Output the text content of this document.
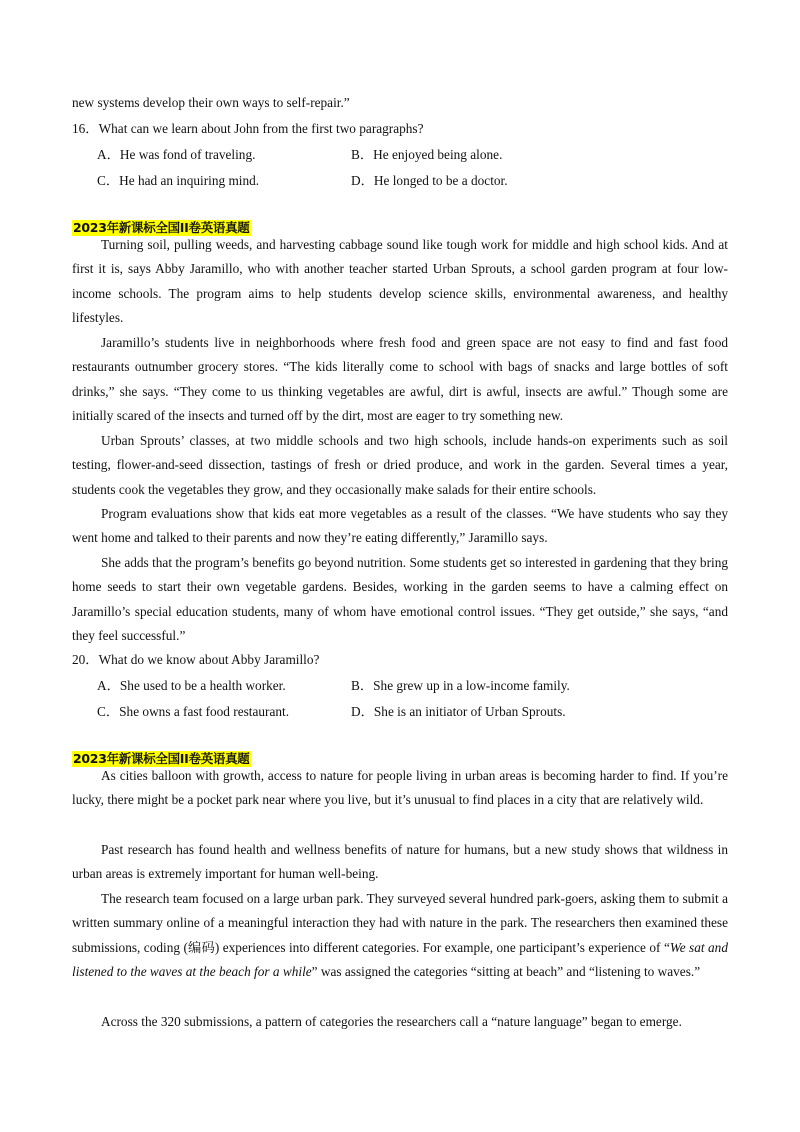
new systems develop their own ways to self-repair.”
16．What can we learn about John from the first two paragraphs?
A．He was fond of traveling.	B．He enjoyed being alone.
C．He had an inquiring mind.	D．He longed to be a doctor.
2023年新课标全国II卷英语真题

Turning soil, pulling weeds, and harvesting cabbage sound like tough work for middle and high school kids. And at first it is, says Abby Jaramillo, who with another teacher started Urban Sprouts, a school garden program at four low-income schools. The program aims to help students develop science skills, environmental awareness, and healthy lifestyles.

Jaramillo’s students live in neighborhoods where fresh food and green space are not easy to find and fast food restaurants outnumber grocery stores. “The kids literally come to school with bags of snacks and large bottles of soft drinks,” she says. “They come to us thinking vegetables are awful, dirt is awful, insects are awful.” Though some are initially scared of the insects and turned off by the dirt, most are eager to try something new.

Urban Sprouts’ classes, at two middle schools and two high schools, include hands-on experiments such as soil testing, flower-and-seed dissection, tastings of fresh or dried produce, and work in the garden. Several times a year, students cook the vegetables they grow, and they occasionally make salads for their entire schools.

Program evaluations show that kids eat more vegetables as a result of the classes. “We have students who say they went home and talked to their parents and now they’re eating differently,” Jaramillo says.

She adds that the program’s benefits go beyond nutrition. Some students get so interested in gardening that they bring home seeds to start their own vegetable gardens. Besides, working in the garden seems to have a calming effect on Jaramillo’s special education students, many of whom have emotional control issues. “They get outside,” she says, “and they feel successful.”

20．What do we know about Abby Jaramillo?
A．She used to be a health worker.	B．She grew up in a low-income family.
C．She owns a fast food restaurant.	D．She is an initiator of Urban Sprouts.
2023年新课标全国II卷英语真题

As cities balloon with growth, access to nature for people living in urban areas is becoming harder to find. If you’re lucky, there might be a pocket park near where you live, but it’s unusual to find places in a city that are relatively wild.

Past research has found health and wellness benefits of nature for humans, but a new study shows that wildness in urban areas is extremely important for human well-being.

The research team focused on a large urban park. They surveyed several hundred park-goers, asking them to submit a written summary online of a meaningful interaction they had with nature in the park. The researchers then examined these submissions, coding (编码) experiences into different categories. For example, one participant’s experience of “We sat and listened to the waves at the beach for a while” was assigned the categories “sitting at beach” and “listening to waves.”

Across the 320 submissions, a pattern of categories the researchers call a “nature language” began to emerge.
